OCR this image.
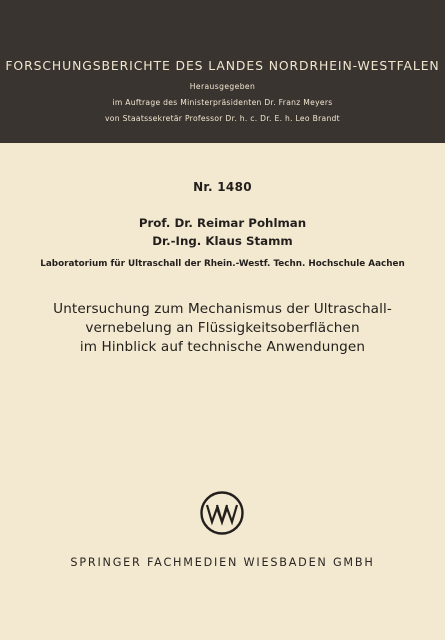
FORSCHUNGSBERICHTE DES LANDES NORDRHEIN-WESTFALEN
Herausgegeben
im Auftrage des Ministerpräsidenten Dr. Franz Meyers
von Staatssekretär Professor Dr. h. c. Dr. E. h. Leo Brandt
Nr. 1480
Prof. Dr. Reimar Pohlman
Dr.-Ing. Klaus Stamm
Laboratorium für Ultraschall der Rhein.-Westf. Techn. Hochschule Aachen
Untersuchung zum Mechanismus der Ultraschall-
vernebelung an Flüssigkeitsoberflächen
im Hinblick auf technische Anwendungen
SPRINGER FACHMEDIEN WIESBADEN GMBH
